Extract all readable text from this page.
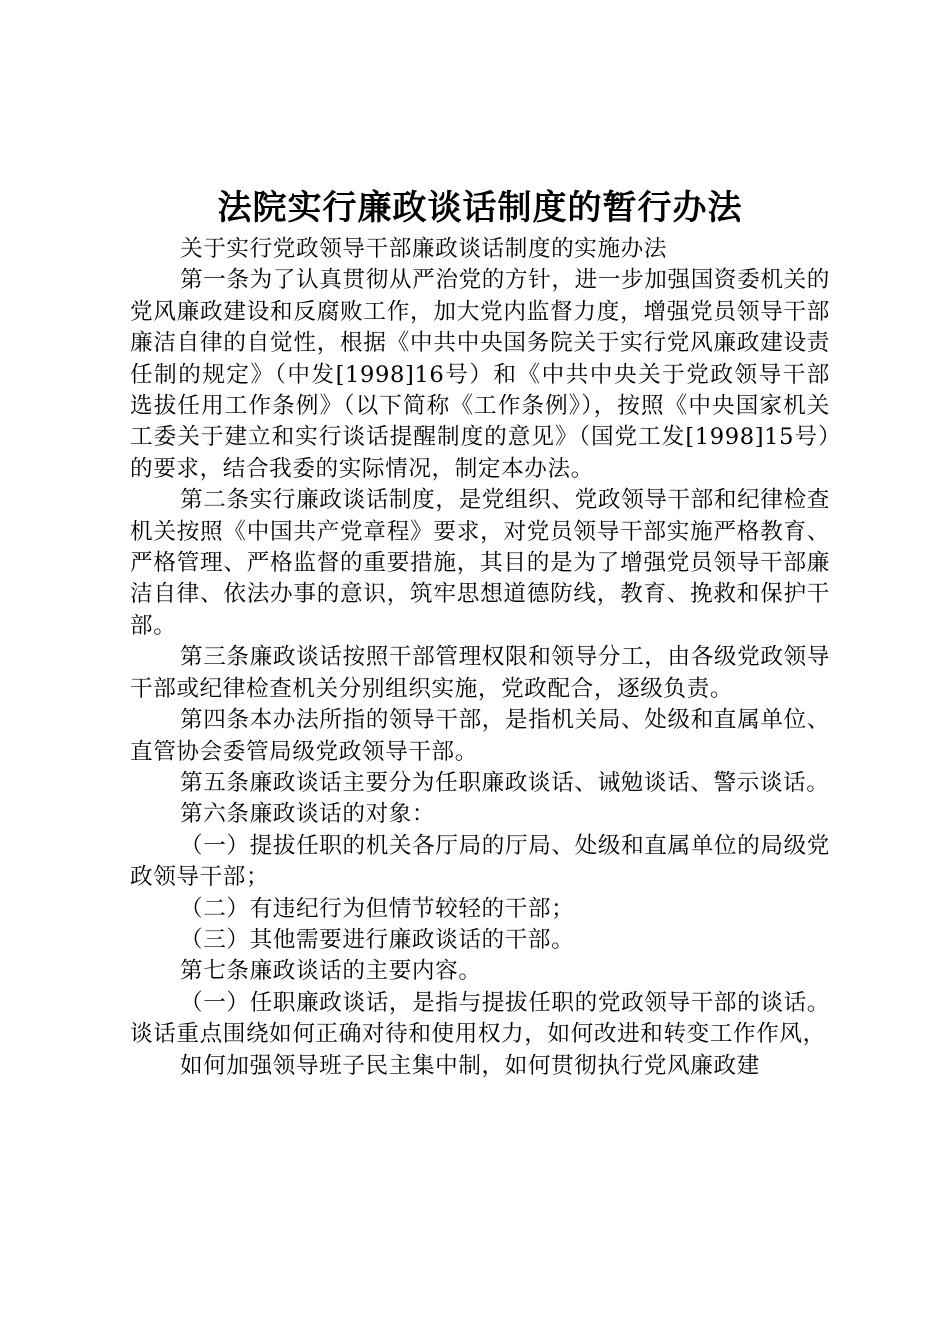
法院实行廉政谈话制度的暂行办法

关于实行党政领导干部廉政谈话制度的实施办法

第一条为了认真贯彻从严治党的方针，进一步加强国资委机关的党风廉政建设和反腐败工作，加大党内监督力度，增强党员领导干部廉洁自律的自觉性，根据《中共中央国务院关于实行党风廉政建设责任制的规定》（中发[1998]16号）和《中共中央关于党政领导干部选拔任用工作条例》（以下简称《工作条例》），按照《中央国家机关工委关于建立和实行谈话提醒制度的意见》（国党工发[1998]15号）的要求，结合我委的实际情况，制定本办法。

第二条实行廉政谈话制度，是党组织、党政领导干部和纪律检查机关按照《中国共产党章程》要求，对党员领导干部实施严格教育、严格管理、严格监督的重要措施，其目的是为了增强党员领导干部廉洁自律、依法办事的意识，筑牢思想道德防线，教育、挽救和保护干部。

第三条廉政谈话按照干部管理权限和领导分工，由各级党政领导干部或纪律检查机关分别组织实施，党政配合，逐级负责。

第四条本办法所指的领导干部，是指机关局、处级和直属单位、直管协会委管局级党政领导干部。

第五条廉政谈话主要分为任职廉政谈话、诫勉谈话、警示谈话。

第六条廉政谈话的对象：

（一）提拔任职的机关各厅局的厅局、处级和直属单位的局级党政领导干部；

（二）有违纪行为但情节较轻的干部；

（三）其他需要进行廉政谈话的干部。

第七条廉政谈话的主要内容。

（一）任职廉政谈话，是指与提拔任职的党政领导干部的谈话。谈话重点围绕如何正确对待和使用权力，如何改进和转变工作作风，

如何加强领导班子民主集中制，如何贯彻执行党风廉政建
